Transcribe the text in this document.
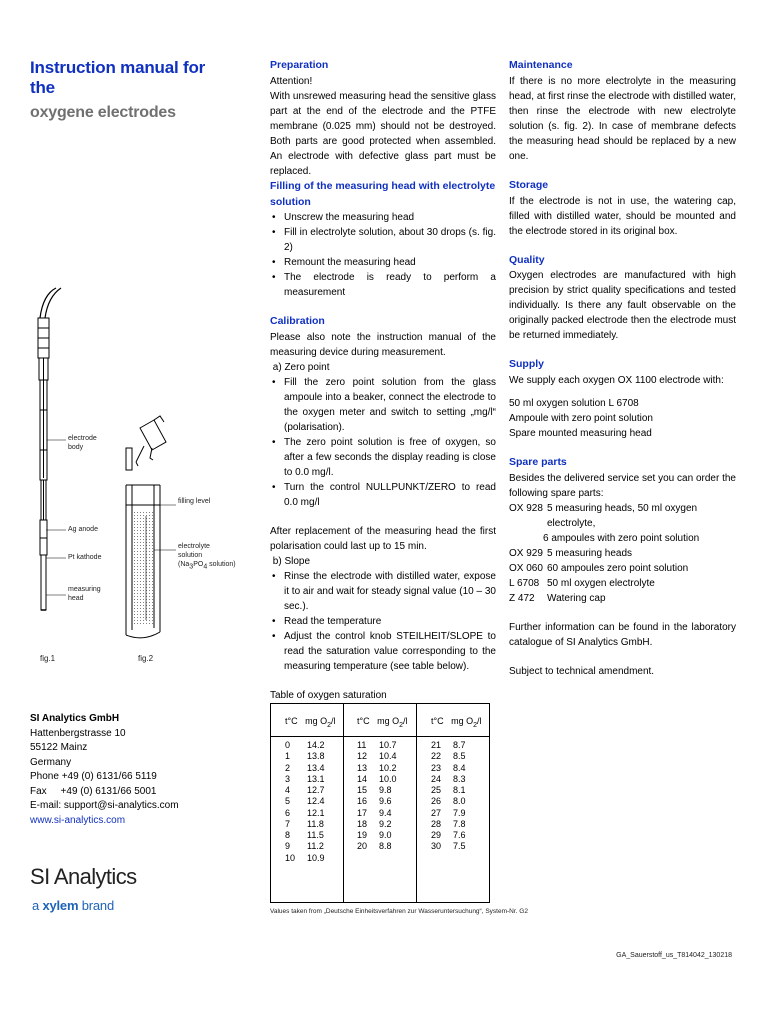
Instruction manual for the
oxygene electrodes
electrode
body
Ag anode
Pt kathode
measuring
head
filling level
electrolyte
solution
($Na_3PO_4$ solution)
fig.1	fig.2
SI Analytics GmbH
Hattenbergstrasse 10
55122 Mainz
Germany
Phone +49 (0) 6131/66 5119
Fax     +49 (0) 6131/66 5001
E-mail: support@si-analytics.com
www.si-analytics.com
SI Analytics
a xylem brand
Preparation

Attention!

With unsrewed measuring head the sensitive glass part at the end of the electrode and the PTFE membrane (0.025 mm) should not be destroyed. Both parts are good protected when assembled. An electrode with defective glass part must be replaced.

Filling of the measuring head with electrolyte solution
• Unscrew the measuring head
• Fill in electrolyte solution, about 30 drops (s. fig. 2)
• Remount the measuring head
• The electrode is ready to perform a measurement
Calibration

Please also note the instruction manual of the measuring device during measurement.

a) Zero point
• Fill the zero point solution from the glass ampoule into a beaker, connect the electrode to the oxygen meter and switch to setting „mg/l“ (polarisation).
• The zero point solution is free of oxygen, so after a few seconds the display reading is close to 0.0 mg/l.
• Turn the control NULLPUNKT/ZERO to read 0.0 mg/l

After replacement of the measuring head the first polarisation could last up to 15 min.

b) Slope
• Rinse the electrode with distilled water, expose it to air and wait for steady signal value (10 – 30 sec.).
• Read the temperature
• Adjust the control knob STEILHEIT/SLOPE to read the saturation value corresponding to the measuring temperature (see table below).
Table of oxygen saturation
t°C mg $O_2/l$
0	14.2
1	13.8
2	13.4
3	13.1
4	12.7
5	12.4
6	12.1
7	11.8
8	11.5
9	11.2
10	10.9
t°C mg $O_2/l$
11	10.7
12	10.4
13	10.2
14	10.0
15	9.8
16	9.6
17	9.4
18	9.2
19	9.0
20	8.8
t°C mg $O_2/l$
21	8.7
22	8.5
23	8.4
24	8.3
25	8.1
26	8.0
27	7.9
28	7.8
29	7.6
30	7.5
Values taken from „Deutsche Einheitsverfahren zur Wasseruntersuchung“, System-Nr. G2
Maintenance

If there is no more electrolyte in the measuring head, at first rinse the electrode with distilled water, then rinse the electrode with new electrolyte solution (s. fig. 2). In case of membrane defects the measuring head should be replaced by a new one.

Storage

If the electrode is not in use, the watering cap, filled with distilled water, should be mounted and the electrode stored in its original box.

Quality

Oxygen electrodes are manufactured with high precision by strict quality specifications and tested individually. Is there any fault observable on the originally packed electrode then the electrode must be returned immediately.

Supply

We supply each oxygen OX 1100 electrode with:

50 ml oxygen solution L 6708
Ampoule with zero point solution
Spare mounted measuring head
Spare parts

Besides the delivered service set you can order the following spare parts:

OX 928 5 measuring heads, 50 ml oxygen electrolyte,
6 ampoules with zero point solution
OX 929 5 measuring heads
OX 060 60 ampoules zero point solution
L 6708 50 ml oxygen electrolyte
Z 472	Watering cap

Further information can be found in the laboratory catalogue of SI Analytics GmbH.

Subject to technical amendment.

GA_Sauerstoff_us_T814042_130218
